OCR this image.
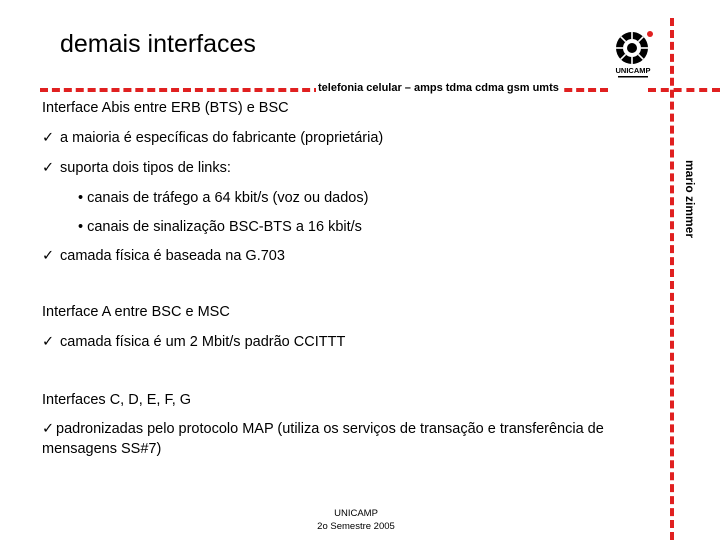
demais interfaces
telefonia celular – amps tdma cdma gsm umts
UNICAMP
mario zimmer
Interface Abis entre ERB (BTS) e BSC
✓ a maioria é específicas do fabricante (proprietária)
✓ suporta dois tipos de links:
• canais de tráfego a 64 kbit/s (voz ou dados)
• canais de sinalização BSC-BTS a 16 kbit/s
✓ camada física é baseada na G.703
Interface A entre BSC e MSC
✓ camada física é um 2 Mbit/s padrão CCITTT
Interfaces C, D, E, F, G
✓ padronizadas pelo protocolo MAP (utiliza os serviços de transação e transferência de mensagens SS#7)
UNICAMP
2o Semestre 2005
